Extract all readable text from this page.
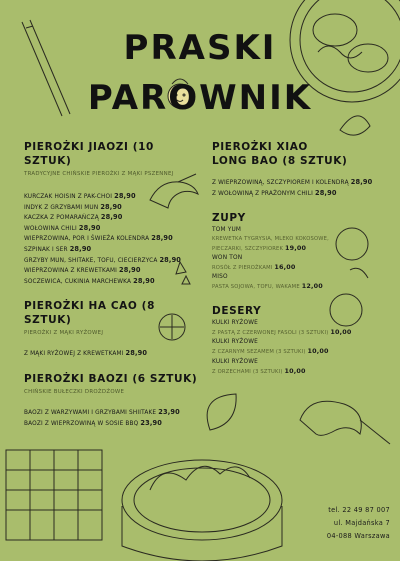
PRASKI
PAROWNIK
PIEROŻKI JIAOZI (10 SZTUK)
TRADYCYJNE CHIŃSKIE PIEROŻKI Z MĄKI PSZENNEJ
KURCZAK HOISIN Z PAK-CHOI 28,90
INDYK Z GRZYBAMI MUN 28,90
KACZKA Z POMARAŃCZĄ 28,90
WOŁOWINA CHILI 28,90
WIEPRZOWINA, POR I ŚWIEŻA KOLENDRA 28,90
SZPINAK I SER 28,90
GRZYBY MUN, SHITAKE, TOFU, CIECIERZYCA 28,90
WIEPRZOWINA Z KREWETKAMI 28,90
SOCZEWICA, CUKINIA MARCHEWKA 28,90
PIEROŻKI HA CAO (8 SZTUK)
PIEROŻKI Z MĄKI RYŻOWEJ
Z MĄKI RYŻOWEJ Z KREWETKAMI 28,90
PIEROŻKI BAOZI (6 SZTUK)
CHIŃSKIE BUŁECZKI DROŻDŻOWE
BAOZI Z WARZYWAMI I GRZYBAMI SHIITAKE 23,90
BAOZI Z WIEPRZOWINĄ W SOSIE BBQ 23,90
PIEROŻKI XIAO
LONG BAO (8 SZTUK)
Z WIEPRZOWINĄ, SZCZYPIOREM I KOLENDRĄ 28,90
Z WOŁOWINĄ Z PRAŻONYM CHILI 28,90
ZUPY
TOM YUM
KREWETKA TYGRYSIA, MLEKO KOKOSOWE,
PIECZARKI, SZCZYPIOREK 19,00
WON TON
ROSÓŁ Z PIEROŻKAMI 16,00
MISO
PASTA SOJOWA, TOFU, WAKAME 12,00
DESERY
KULKI RYŻOWE
Z PASTĄ Z CZERWONEJ FASOLI (3 SZTUKI) 10,00
KULKI RYŻOWE
Z CZARNYM SEZAMEM (3 SZTUKI) 10,00
KULKI RYŻOWE
Z ORZECHAMI (3 SZTUKI) 10,00
tel. 22 49 87 007
ul. Majdańska 7
04-088 Warszawa
